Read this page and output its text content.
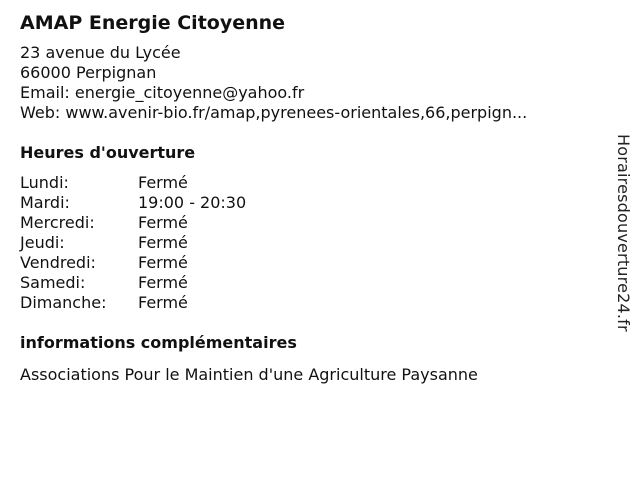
AMAP Energie Citoyenne
23 avenue du Lycée
66000 Perpignan
Email: energie_citoyenne@yahoo.fr
Web: www.avenir-bio.fr/amap,pyrenees-orientales,66,perpign...
Heures d'ouverture
Lundi:	Fermé
Mardi:	19:00 - 20:30
Mercredi:	Fermé
Jeudi:	Fermé
Vendredi:	Fermé
Samedi:	Fermé
Dimanche:	Fermé
informations complémentaires
Associations Pour le Maintien d'une Agriculture Paysanne
Horairesdouverture24.fr
